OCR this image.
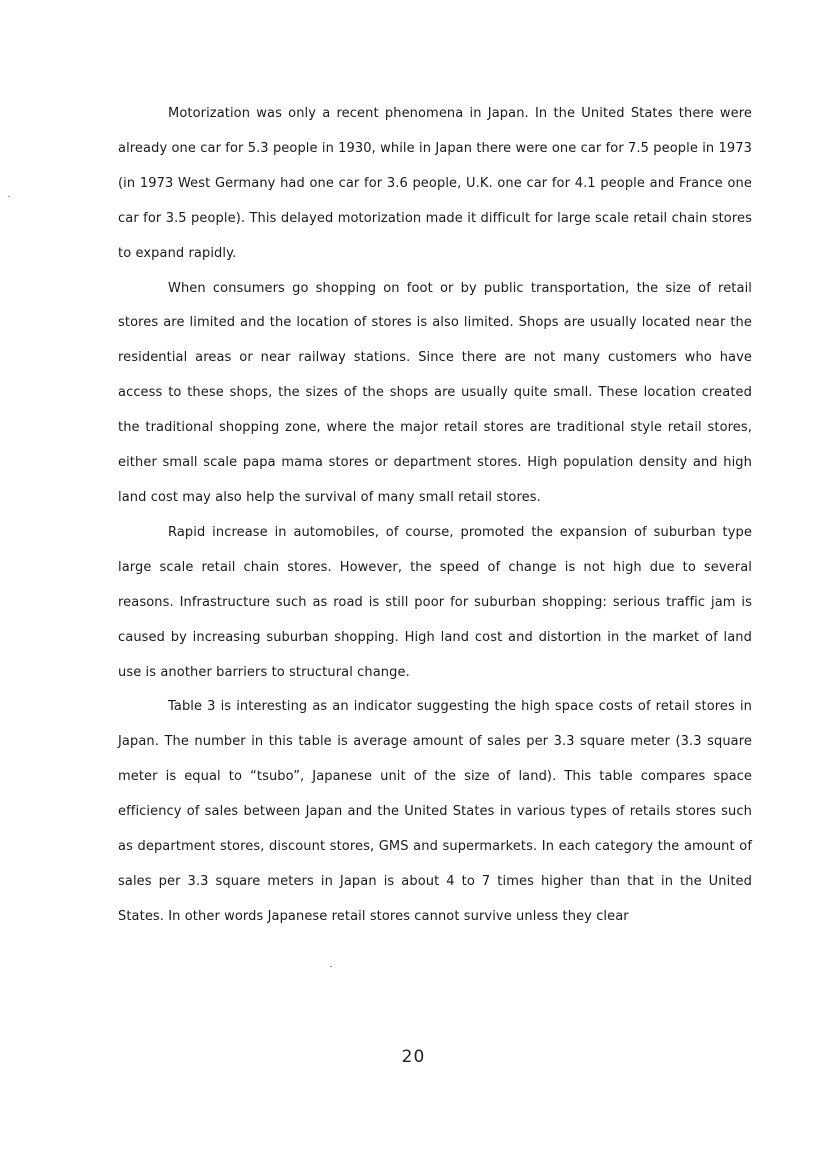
Motorization was only a recent phenomena in Japan. In the United States there were already one car for 5.3 people in 1930, while in Japan there were one car for 7.5 people in 1973 (in 1973 West Germany had one car for 3.6 people, U.K. one car for 4.1 people and France one car for 3.5 people). This delayed motorization made it difficult for large scale retail chain stores to expand rapidly.

When consumers go shopping on foot or by public transportation, the size of retail stores are limited and the location of stores is also limited. Shops are usually located near the residential areas or near railway stations. Since there are not many customers who have access to these shops, the sizes of the shops are usually quite small. These location created the traditional shopping zone, where the major retail stores are traditional style retail stores, either small scale papa mama stores or department stores. High population density and high land cost may also help the survival of many small retail stores.

Rapid increase in automobiles, of course, promoted the expansion of suburban type large scale retail chain stores. However, the speed of change is not high due to several reasons. Infrastructure such as road is still poor for suburban shopping: serious traffic jam is caused by increasing suburban shopping. High land cost and distortion in the market of land use is another barriers to structural change.

Table 3 is interesting as an indicator suggesting the high space costs of retail stores in Japan. The number in this table is average amount of sales per 3.3 square meter (3.3 square meter is equal to “tsubo”, Japanese unit of the size of land). This table compares space efficiency of sales between Japan and the United States in various types of retails stores such as department stores, discount stores, GMS and supermarkets. In each category the amount of sales per 3.3 square meters in Japan is about 4 to 7 times higher than that in the United States. In other words Japanese retail stores cannot survive unless they clear

20
